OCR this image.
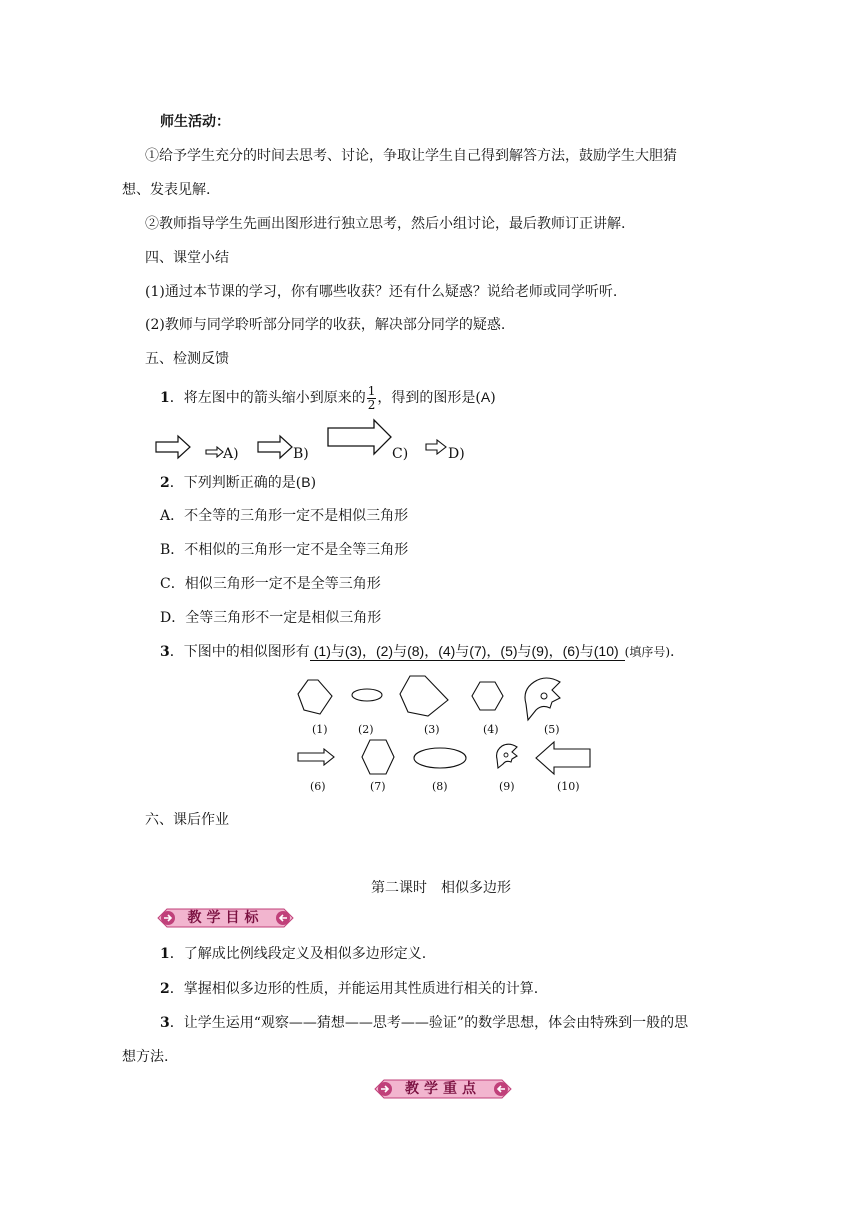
师生活动：
①给予学生充分的时间去思考、讨论，争取让学生自己得到解答方法，鼓励学生大胆猜
想、发表见解.
②教师指导学生先画出图形进行独立思考，然后小组讨论，最后教师订正讲解.
四、课堂小结
(1)通过本节课的学习，你有哪些收获？还有什么疑惑？说给老师或同学听听.
(2)教师与同学聆听部分同学的收获，解决部分同学的疑惑.
五、检测反馈
1．将左图中的箭头缩小到原来的 $\frac{1}{2}$ ，得到的图形是(A)
A)	B)	C)	D)
2．下列判断正确的是(B)
A．不全等的三角形一定不是相似三角形
B．不相似的三角形一定不是全等三角形
C．相似三角形一定不是全等三角形
D．全等三角形不一定是相似三角形
3．下图中的相似图形有 (1)与(3)，(2)与(8)，(4)与(7)，(5)与(9)，(6)与(10) (填序号).
(1)	(2)	(3)	(4)	(5)
(6)	(7)	(8)	(9)	(10)
六、课后作业
第二课时　相似多边形
教学目标
1．了解成比例线段定义及相似多边形定义.
2．掌握相似多边形的性质，并能运用其性质进行相关的计算.
3．让学生运用“观察——猜想——思考——验证”的数学思想，体会由特殊到一般的思
想方法.
教学重点
